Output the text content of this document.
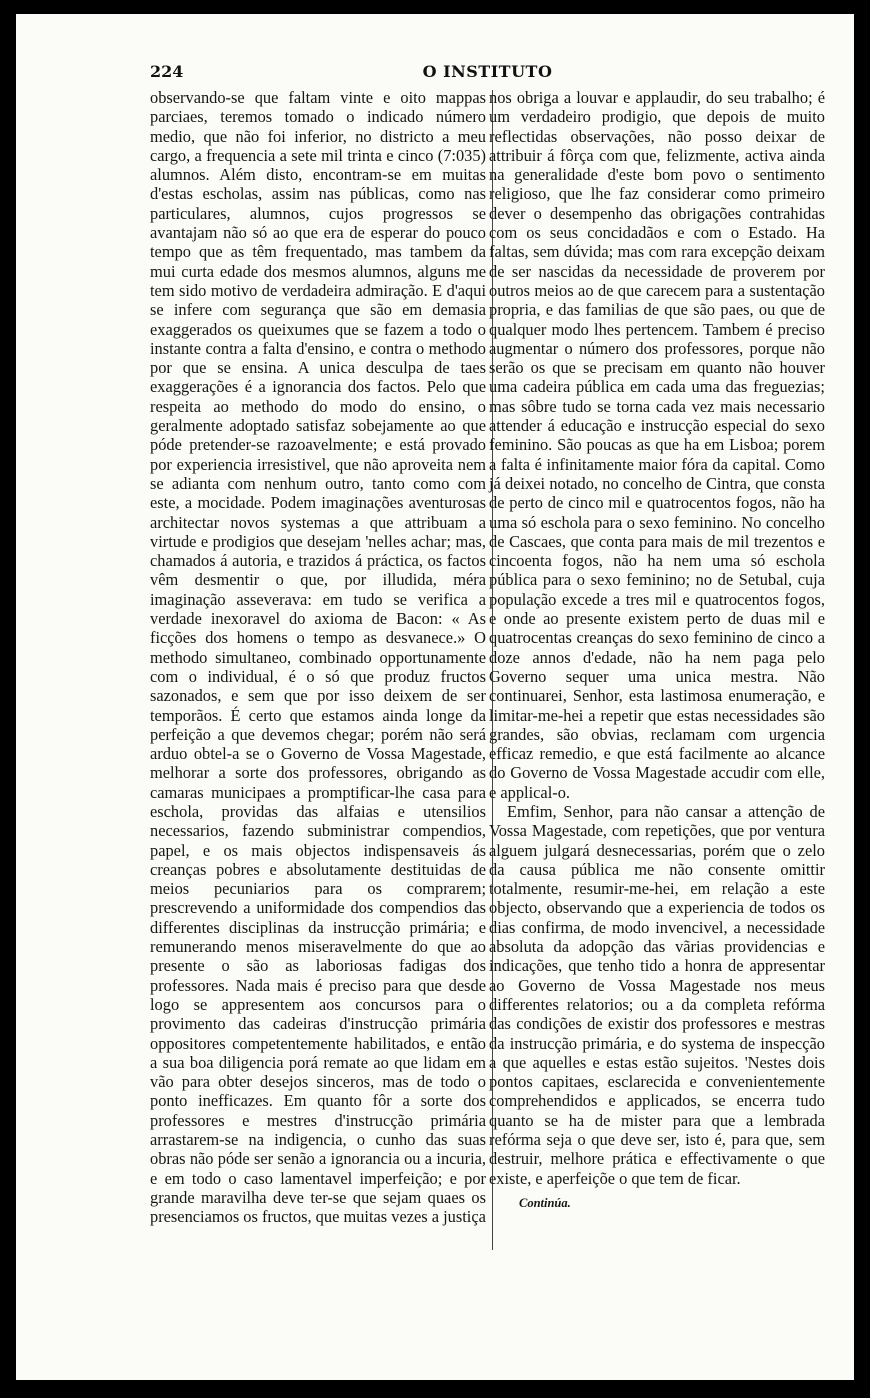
224	O INSTITUTO

observando-se que faltam vinte e oito mappas parciaes, teremos tomado o indicado número medio, que não foi inferior, no districto a meu cargo, a frequencia a sete mil trinta e cinco (7:035) alumnos. Além disto, encontram-se em muitas d'estas escholas, assim nas públicas, como nas particulares, alumnos, cujos progressos se avantajam não só ao que era de esperar do pouco tempo que as têm frequentado, mas tambem da mui curta edade dos mesmos alumnos, alguns me tem sido motivo de verdadeira admiração. E d'aqui se infere com segurança que são em demasia exaggerados os queixumes que se fazem a todo o instante contra a falta d'ensino, e contra o methodo por que se ensina. A unica desculpa de taes exaggerações é a ignorancia dos factos. Pelo que respeita ao methodo do modo do ensino, o geralmente adoptado satisfaz sobejamente ao que póde pretender-se razoavelmente; e está provado por experiencia irresistivel, que não aproveita nem se adianta com nenhum outro, tanto como com este, a mocidade. Podem imaginações aventurosas architectar novos systemas a que attribuam a virtude e prodigios que desejam 'nelles achar; mas, chamados á autoria, e trazidos á práctica, os factos vêm desmentir o que, por illudida, méra imaginação asseverava: em tudo se verifica a verdade inexoravel do axioma de Bacon: « As ficções dos homens o tempo as desvanece.» O methodo simultaneo, combinado opportunamente com o individual, é o só que produz fructos sazonados, e sem que por isso deixem de ser temporãos. É certo que estamos ainda longe da perfeição a que devemos chegar; porém não será arduo obtel-a se o Governo de Vossa Magestade, melhorar a sorte dos professores, obrigando as camaras municipaes a promptificar-lhe casa para eschola, providas das alfaias e utensilios necessarios, fazendo subministrar compendios, papel, e os mais objectos indispensaveis ás creanças pobres e absolutamente destituidas de meios pecuniarios para os comprarem; prescrevendo a uniformidade dos compendios das differentes disciplinas da instrucção primária; e remunerando menos miseravelmente do que ao presente o são as laboriosas fadigas dos professores. Nada mais é preciso para que desde logo se appresentem aos concursos para o provimento das cadeiras d'instrucção primária oppositores competentemente habilitados, e então a sua boa diligencia porá remate ao que lidam em vão para obter desejos sinceros, mas de todo o ponto inefficazes. Em quanto fôr a sorte dos professores e mestres d'instrucção primária arrastarem-se na indigencia, o cunho das suas obras não póde ser senão a ignorancia ou a incuria, e em todo o caso lamentavel imperfeição; e por grande maravilha deve ter-se que sejam quaes os presenciamos os fructos, que muitas vezes a justiça

nos obriga a louvar e applaudir, do seu trabalho; é um verdadeiro prodigio, que depois de muito reflectidas observações, não posso deixar de attribuir á fôrça com que, felizmente, activa ainda na generalidade d'este bom povo o sentimento religioso, que lhe faz considerar como primeiro dever o desempenho das obrigações contrahidas com os seus concidadãos e com o Estado. Ha faltas, sem dúvida; mas com rara excepção deixam de ser nascidas da necessidade de proverem por outros meios ao de que carecem para a sustentação propria, e das familias de que são paes, ou que de qualquer modo lhes pertencem. Tambem é preciso augmentar o número dos professores, porque não serão os que se precisam em quanto não houver uma cadeira pública em cada uma das freguezias; mas sôbre tudo se torna cada vez mais necessario attender á educação e instrucção especial do sexo feminino. São poucas as que ha em Lisboa; porem a falta é infinitamente maior fóra da capital. Como já deixei notado, no concelho de Cintra, que consta de perto de cinco mil e quatrocentos fogos, não ha uma só eschola para o sexo feminino. No concelho de Cascaes, que conta para mais de mil trezentos e cincoenta fogos, não ha nem uma só eschola pública para o sexo feminino; no de Setubal, cuja população excede a tres mil e quatrocentos fogos, e onde ao presente existem perto de duas mil e quatrocentas creanças do sexo feminino de cinco a doze annos d'edade, não ha nem paga pelo Governo sequer uma unica mestra. Não continuarei, Senhor, esta lastimosa enumeração, e limitar-me-hei a repetir que estas necessidades são grandes, são obvias, reclamam com urgencia efficaz remedio, e que está facilmente ao alcance do Governo de Vossa Magestade accudir com elle, e applical-o.

Emfim, Senhor, para não cansar a attenção de Vossa Magestade, com repetições, que por ventura alguem julgará desnecessarias, porém que o zelo da causa pública me não consente omittir totalmente, resumir-me-hei, em relação a este objecto, observando que a experiencia de todos os dias confirma, de modo invencivel, a necessidade absoluta da adopção das vãrias providencias e indicações, que tenho tido a honra de appresentar ao Governo de Vossa Magestade nos meus differentes relatorios; ou a da completa refórma das condições de existir dos professores e mestras da instrucção primária, e do systema de inspecção a que aquelles e estas estão sujeitos. 'Nestes dois pontos capitaes, esclarecida e convenientemente comprehendidos e applicados, se encerra tudo quanto se ha de mister para que a lembrada refórma seja o que deve ser, isto é, para que, sem destruir, melhore prática e effectivamente o que existe, e aperfeiçõe o que tem de ficar.

Continúa.
